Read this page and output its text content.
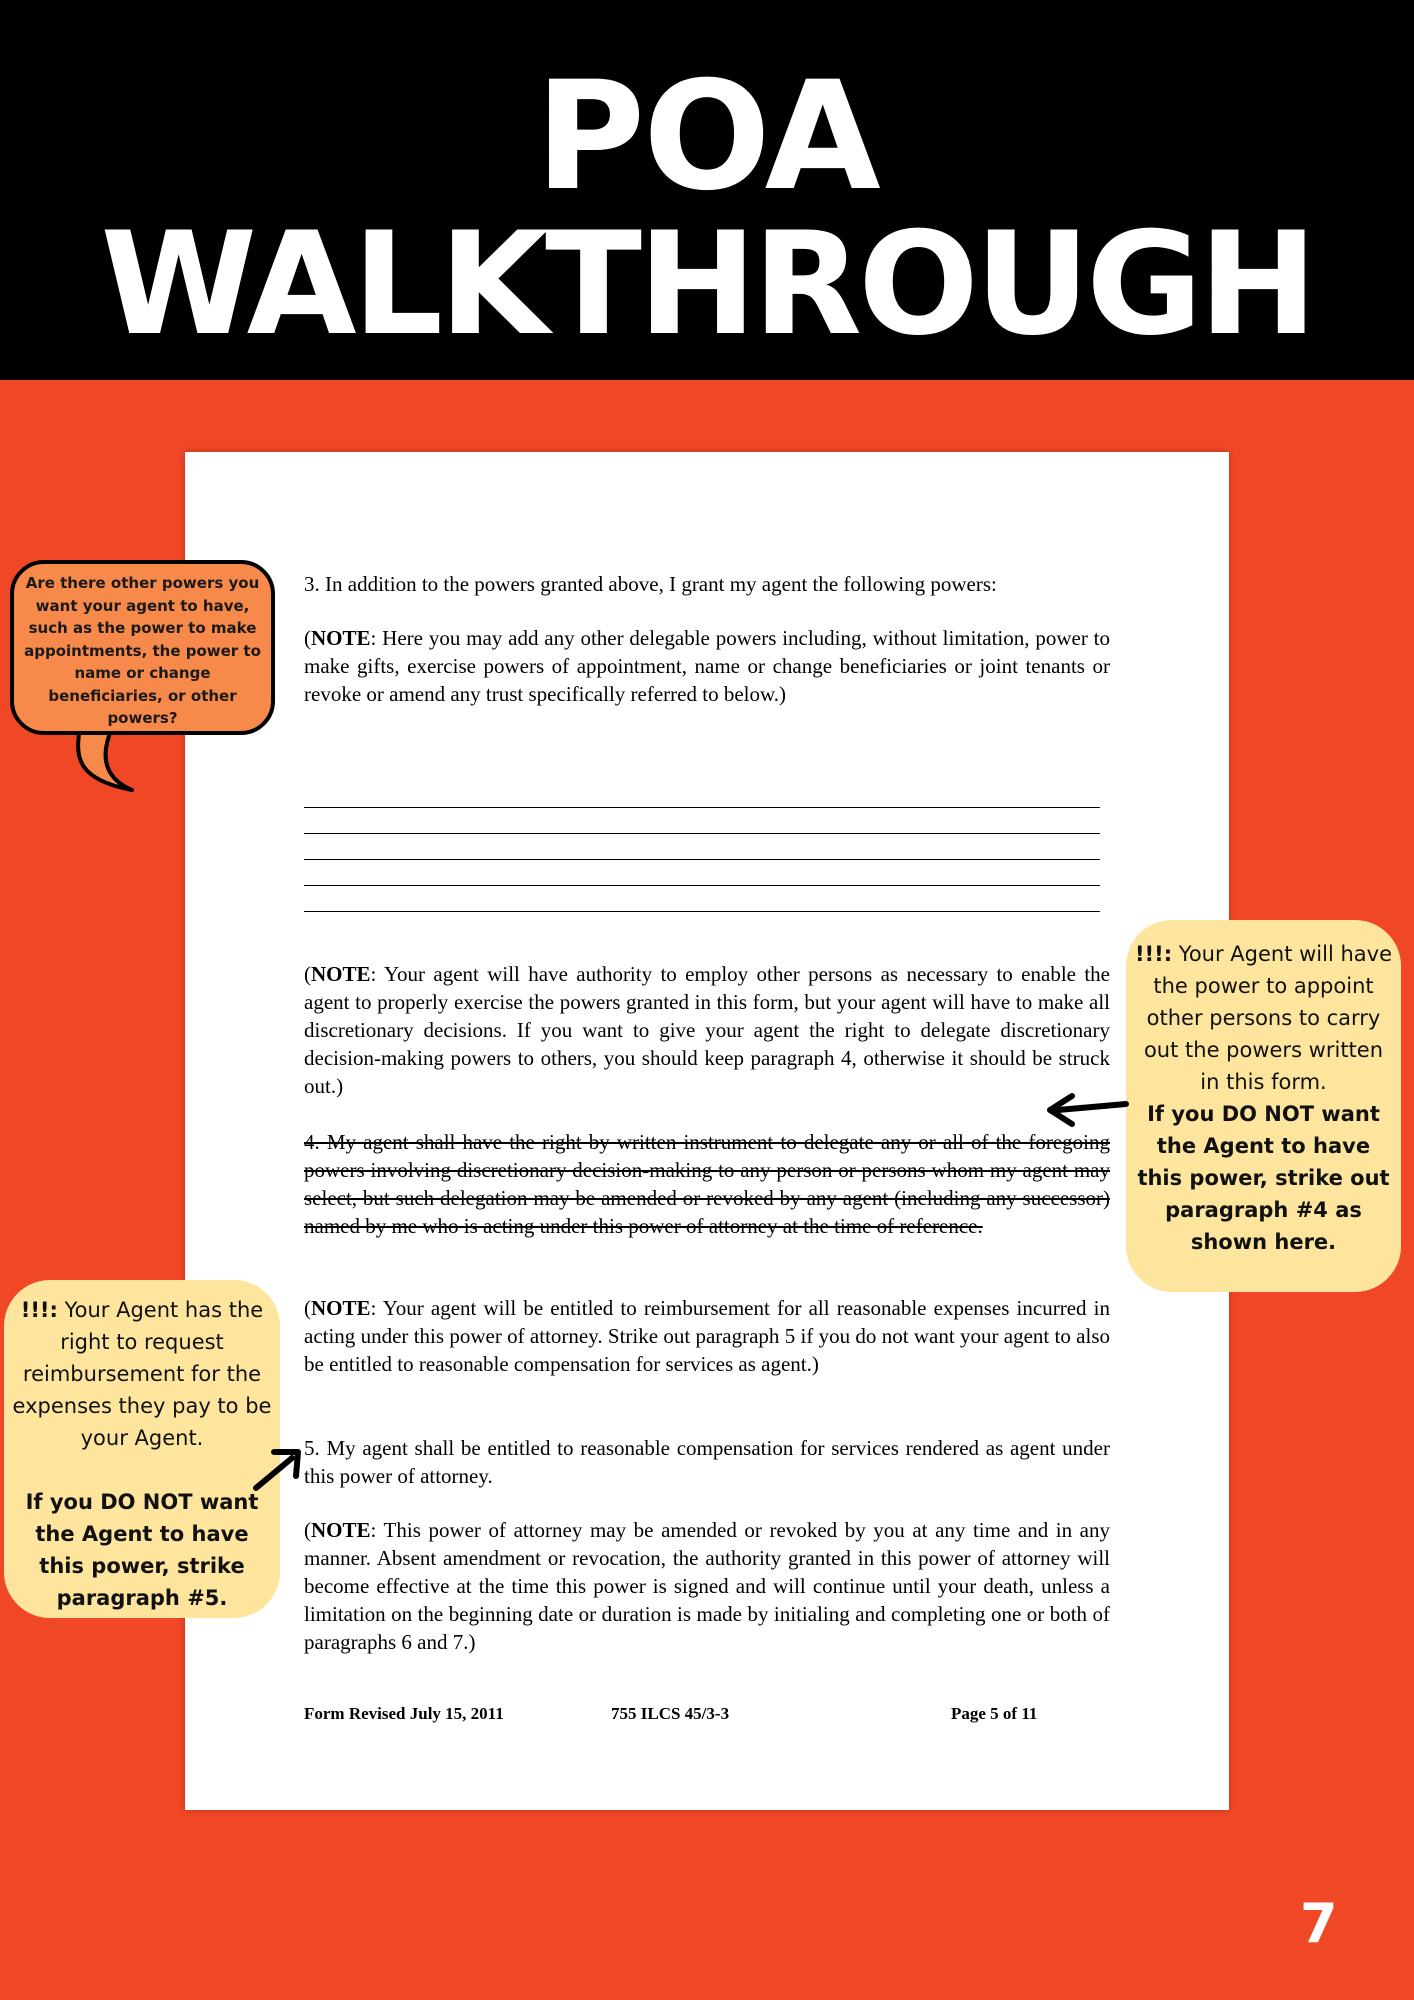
POA
WALKTHROUGH

3. In addition to the powers granted above, I grant my agent the following powers:

(NOTE: Here you may add any other delegable powers including, without limitation, power to make gifts, exercise powers of appointment, name or change beneficiaries or joint tenants or revoke or amend any trust specifically referred to below.)

(NOTE: Your agent will have authority to employ other persons as necessary to enable the agent to properly exercise the powers granted in this form, but your agent will have to make all discretionary decisions. If you want to give your agent the right to delegate discretionary decision-making powers to others, you should keep paragraph 4, otherwise it should be struck out.)

4. My agent shall have the right by written instrument to delegate any or all of the foregoing powers involving discretionary decision-making to any person or persons whom my agent may select, but such delegation may be amended or revoked by any agent (including any successor) named by me who is acting under this power of attorney at the time of reference.

(NOTE: Your agent will be entitled to reimbursement for all reasonable expenses incurred in acting under this power of attorney. Strike out paragraph 5 if you do not want your agent to also be entitled to reasonable compensation for services as agent.)

5. My agent shall be entitled to reasonable compensation for services rendered as agent under this power of attorney.

(NOTE: This power of attorney may be amended or revoked by you at any time and in any manner. Absent amendment or revocation, the authority granted in this power of attorney will become effective at the time this power is signed and will continue until your death, unless a limitation on the beginning date or duration is made by initialing and completing one or both of paragraphs 6 and 7.)

Form Revised July 15, 2011	755 ILCS 45/3-3	Page 5 of 11
Are there other powers you want your agent to have, such as the power to make appointments, the power to name or change beneficiaries, or other powers?
!!!: Your Agent will have the power to appoint other persons to carry out the powers written in this form.
If you DO NOT want the Agent to have this power, strike out paragraph #4 as shown here.
!!!: Your Agent has the right to request reimbursement for the expenses they pay to be your Agent.

If you DO NOT want the Agent to have this power, strike paragraph #5.
7
